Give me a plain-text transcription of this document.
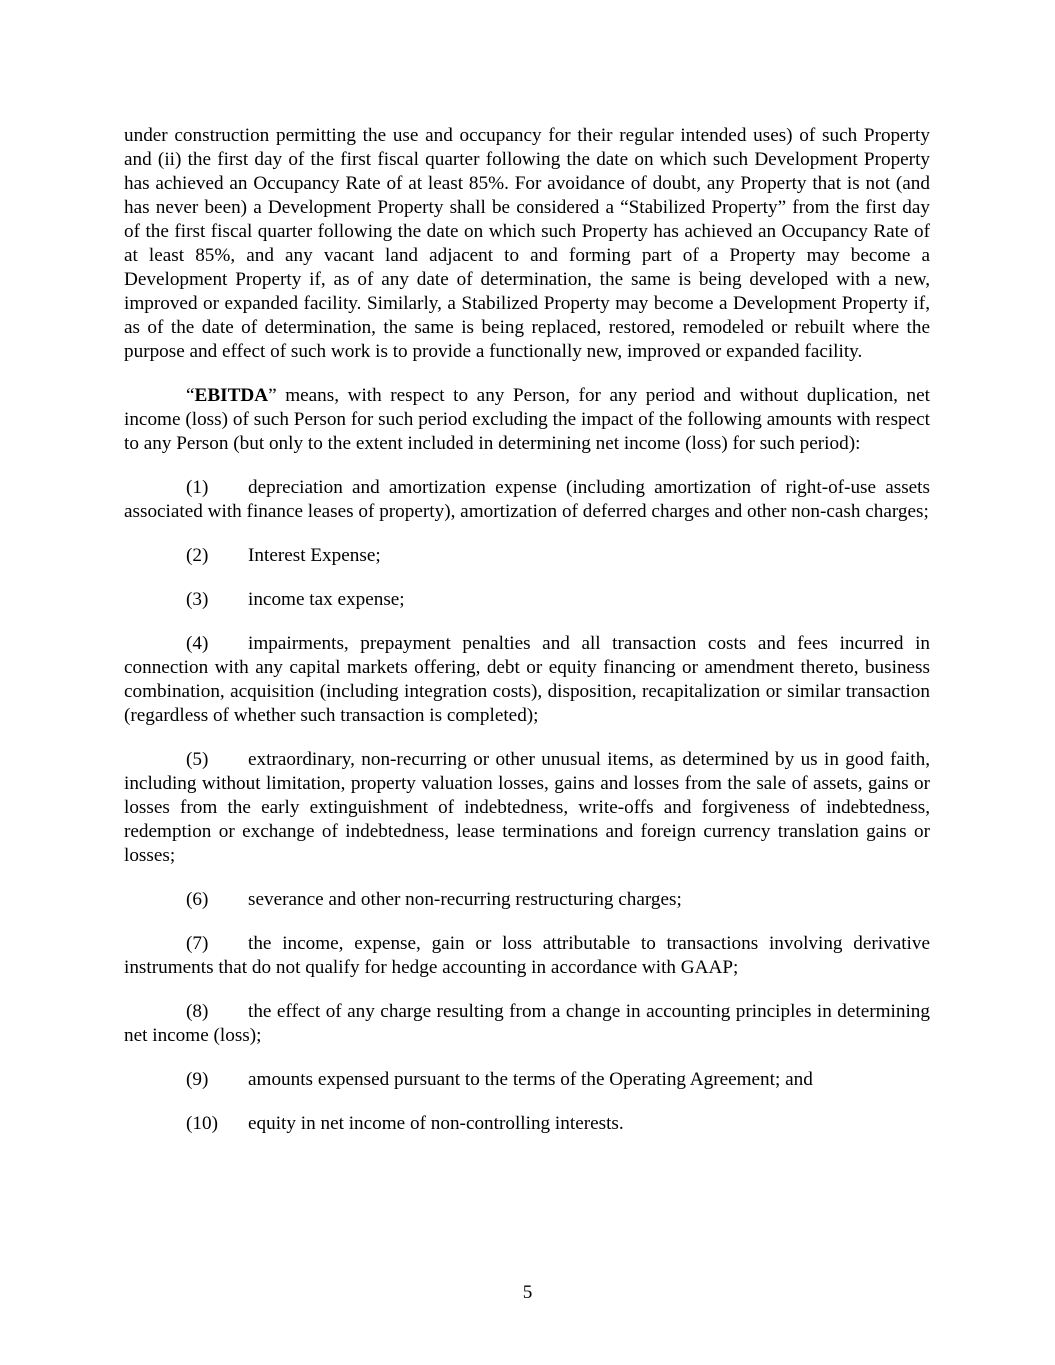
under construction permitting the use and occupancy for their regular intended uses) of such Property and (ii) the first day of the first fiscal quarter following the date on which such Development Property has achieved an Occupancy Rate of at least 85%. For avoidance of doubt, any Property that is not (and has never been) a Development Property shall be considered a “Stabilized Property” from the first day of the first fiscal quarter following the date on which such Property has achieved an Occupancy Rate of at least 85%, and any vacant land adjacent to and forming part of a Property may become a Development Property if, as of any date of determination, the same is being developed with a new, improved or expanded facility. Similarly, a Stabilized Property may become a Development Property if, as of the date of determination, the same is being replaced, restored, remodeled or rebuilt where the purpose and effect of such work is to provide a functionally new, improved or expanded facility.

“EBITDA” means, with respect to any Person, for any period and without duplication, net income (loss) of such Person for such period excluding the impact of the following amounts with respect to any Person (but only to the extent included in determining net income (loss) for such period):

(1) depreciation and amortization expense (including amortization of right-of-use assets associated with finance leases of property), amortization of deferred charges and other non-cash charges;

(2) Interest Expense;

(3) income tax expense;

(4) impairments, prepayment penalties and all transaction costs and fees incurred in connection with any capital markets offering, debt or equity financing or amendment thereto, business combination, acquisition (including integration costs), disposition, recapitalization or similar transaction (regardless of whether such transaction is completed);

(5) extraordinary, non-recurring or other unusual items, as determined by us in good faith, including without limitation, property valuation losses, gains and losses from the sale of assets, gains or losses from the early extinguishment of indebtedness, write-offs and forgiveness of indebtedness, redemption or exchange of indebtedness, lease terminations and foreign currency translation gains or losses;

(6) severance and other non-recurring restructuring charges;

(7) the income, expense, gain or loss attributable to transactions involving derivative instruments that do not qualify for hedge accounting in accordance with GAAP;

(8) the effect of any charge resulting from a change in accounting principles in determining net income (loss);

(9) amounts expensed pursuant to the terms of the Operating Agreement; and

(10) equity in net income of non-controlling interests.

5
